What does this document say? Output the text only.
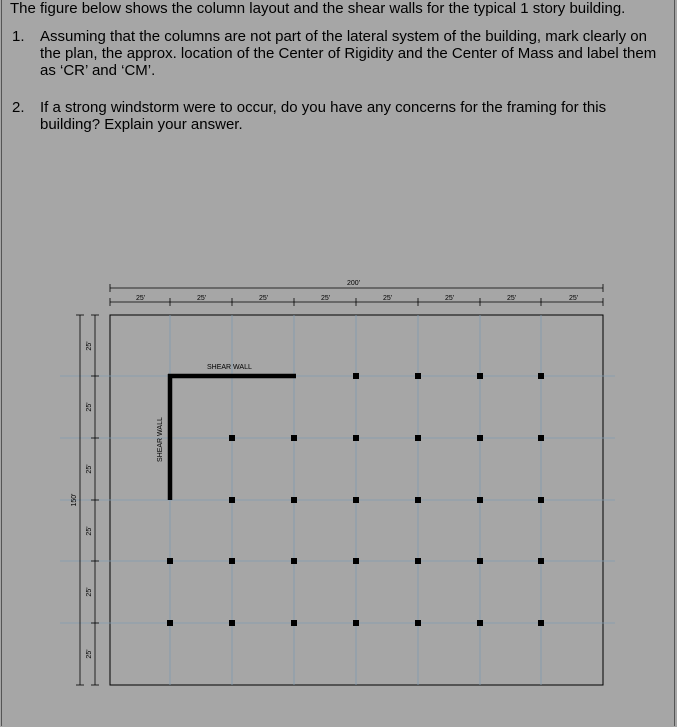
The figure below shows the column layout and the shear walls for the typical 1 story building.
1. Assuming that the columns are not part of the lateral system of the building, mark clearly on the plan, the approx. location of the Center of Rigidity and the Center of Mass and label them as ‘CR’ and ‘CM’.
2. If a strong windstorm were to occur, do you have any concerns for the framing for this building? Explain your answer.
200'
25'	25'	25'	25'	25'	25'	25'	25'
150'
25'
25'
25'
25'
25'
25'
SHEAR WALL
SHEAR WALL
